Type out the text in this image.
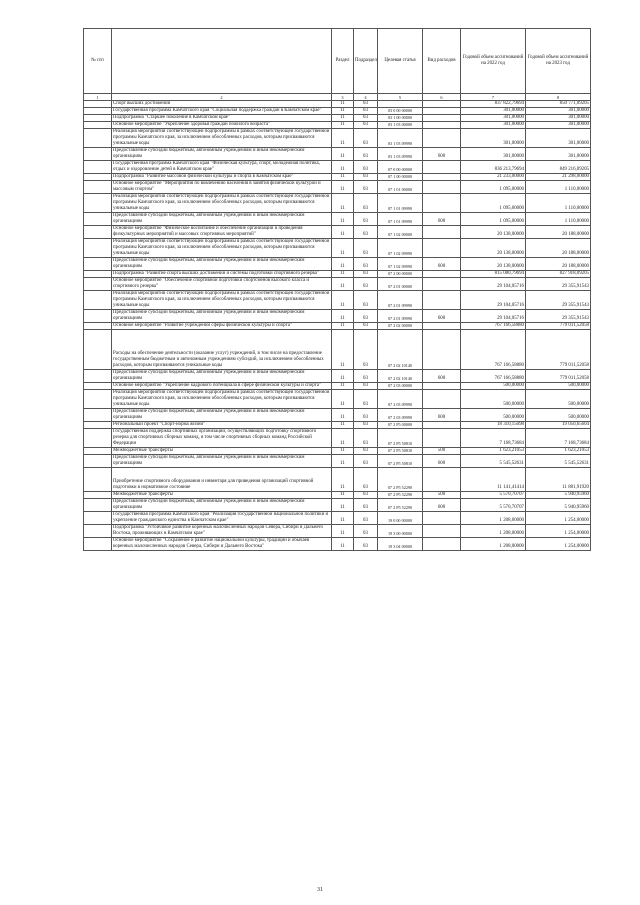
№ п/п		Раздел	Подраздел	Целевая статья	Вид расходов	Годовой объем ассигнований на 2022 год	Годовой объем ассигнований на 2023 год
1	2	3	4	5	6	7	8
	Спорт высших достижений	11	03			837 822,79694	850 771,09205
	Государственная программа Камчатского края "Социальная поддержка граждан в Камчатском крае"	11	03	03 0 00 00000		301,00000	301,00000
	Подпрограмма "Старшее поколение в Камчатском крае"	11	03	03 1 00 00000		301,00000	301,00000
	Основное мероприятие "Укрепление здоровья граждан пожилого возраста"	11	03	03 1 03 00000		301,00000	301,00000
	Реализация мероприятий соответствующей подпрограммы в рамках соответствующей государственной программы Камчатского края, за исключением обособленных расходов, которым присваиваются уникальные коды	11	03	03 1 03 09990		301,00000	301,00000
	Предоставление субсидий бюджетным, автономным учреждениям и иным некоммерческим организациям	11	03	03 1 03 09990	600	301,00000	301,00000
	Государственная программа Камчатского края "Физическая культура, спорт, молодежная политика, отдых и оздоровление детей в Камчатском крае"	11	03	07 0 00 00000		836 213,79694	849 216,09205
	Подпрограмма "Развитие массовой физической культуры и спорта в Камчатском крае"	11	03	07 1 00 00000		21 233,00000	21 298,00000
	Основное мероприятие "Мероприятия по вовлечению населения в занятия физической культурой и массовым спортом"	11	03	07 1 01 00000		1 095,00000	1 110,00000
	Реализация мероприятий соответствующей подпрограммы в рамках соответствующей государственной программы Камчатского края, за исключением обособленных расходов, которым присваиваются уникальные коды	11	03	07 1 01 09990		1 095,00000	1 110,00000
	Предоставление субсидий бюджетным, автономным учреждениям и иным некоммерческим организациям	11	03	07 1 01 09990	600	1 095,00000	1 110,00000
	Основное мероприятие "Физическое воспитание и обеспечение организации и проведения физкультурных мероприятий и массовых спортивных мероприятий"	11	03	07 1 02 00000		20 138,00000	20 188,00000
	Реализация мероприятий соответствующей подпрограммы в рамках соответствующей государственной программы Камчатского края, за исключением обособленных расходов, которым присваиваются уникальные коды	11	03	07 1 02 09990		20 138,00000	20 188,00000
	Предоставление субсидий бюджетным, автономным учреждениям и иным некоммерческим организациям	11	03	07 1 02 09990	600	20 138,00000	20 188,00000
	Подпрограмма "Развитие спорта высших достижений и системы подготовки спортивного резерва"	11	03	07 2 00 00000		815 080,79694	827 918,09205
	Основное мероприятие "Обеспечение спортивной подготовки спортсменов высокого класса и спортивного резерва"	11	03	07 2 01 00000		29 104,05716	29 355,91543
	Реализация мероприятий соответствующей подпрограммы в рамках соответствующей государственной программы Камчатского края, за исключением обособленных расходов, которым присваиваются уникальные коды	11	03	07 2 01 09990		29 104,05716	29 355,91543
	Предоставление субсидий бюджетным, автономным учреждениям и иным некоммерческим организациям	11	03	07 2 01 09990	600	29 104,05716	29 355,91543
	Основное мероприятие "Развитие учреждений сферы физической культуры и спорта"	11	03	07 2 02 00000		767 166,58880	779 011,52058
	Расходы на обеспечение деятельности (оказание услуг) учреждений, в том числе на предоставление государственным бюджетным и автономным учреждениям субсидий, за исключением обособленных расходов, которым присваиваются уникальные коды	11	03	07 2 02 10140		767 166,58880	779 011,52058
	Предоставление субсидий бюджетным, автономным учреждениям и иным некоммерческим организациям	11	03	07 2 02 10140	600	767 166,58880	779 011,52058
	Основное мероприятие "Укрепление кадрового потенциала в сфере физической культуры и спорта"	11	03	07 2 03 00000		500,00000	500,00000
	Реализация мероприятий соответствующей подпрограммы в рамках соответствующей государственной программы Камчатского края, за исключением обособленных расходов, которым присваиваются уникальные коды	11	03	07 2 03 09990		500,00000	500,00000
	Предоставление субсидий бюджетным, автономным учреждениям и иным некоммерческим организациям	11	03	07 2 03 09990	600	500,00000	500,00000
	Региональный проект "Спорт-норма жизни"	11	03	07 2 P5 00000		18 310,15098	19 050,65604
	Государственная поддержка спортивных организаций, осуществляющих подготовку спортивного резерва для спортивных сборных команд, в том числе спортивных сборных команд Российской Федерации	11	03	07 2 P5 50810		7 168,73684	7 168,73684
	Межбюджетные трансферты	11	03	07 2 P5 50810	500	1 623,21053	1 623,21053
	Предоставление субсидий бюджетным, автономным учреждениям и иным некоммерческим организациям	11	03	07 2 P5 50810	600	5 545,52631	5 545,52631
	Приобретение спортивного оборудования и инвентаря для приведения организаций спортивной подготовки в нормативное состояние	11	03	07 2 P5 52290		11 141,41414	11 881,91920
	Межбюджетные трансферты	11	03	07 2 P5 52290	500	5 570,70707	5 940,95960
	Предоставление субсидий бюджетным, автономным учреждениям и иным некоммерческим организациям	11	03	07 2 P5 52290	600	5 570,70707	5 940,95960
	Государственная программа Камчатского края "Реализация государственной национальной политики и укрепление гражданского единства в Камчатском крае"	11	03	19 0 00 00000		1 208,00000	1 254,00000
	Подпрограмма "Устойчивое развитие коренных малочисленных народов Севера, Сибири и Дальнего Востока, проживающих в Камчатском крае"	11	03	19 3 00 00000		1 208,00000	1 254,00000
	Основное мероприятие "Сохранение и развитие национальной культуры, традиций и обычаев коренных малочисленных народов Севера, Сибири и Дальнего Востока"	11	03	19 3 04 00000		1 208,00000	1 254,00000
31
